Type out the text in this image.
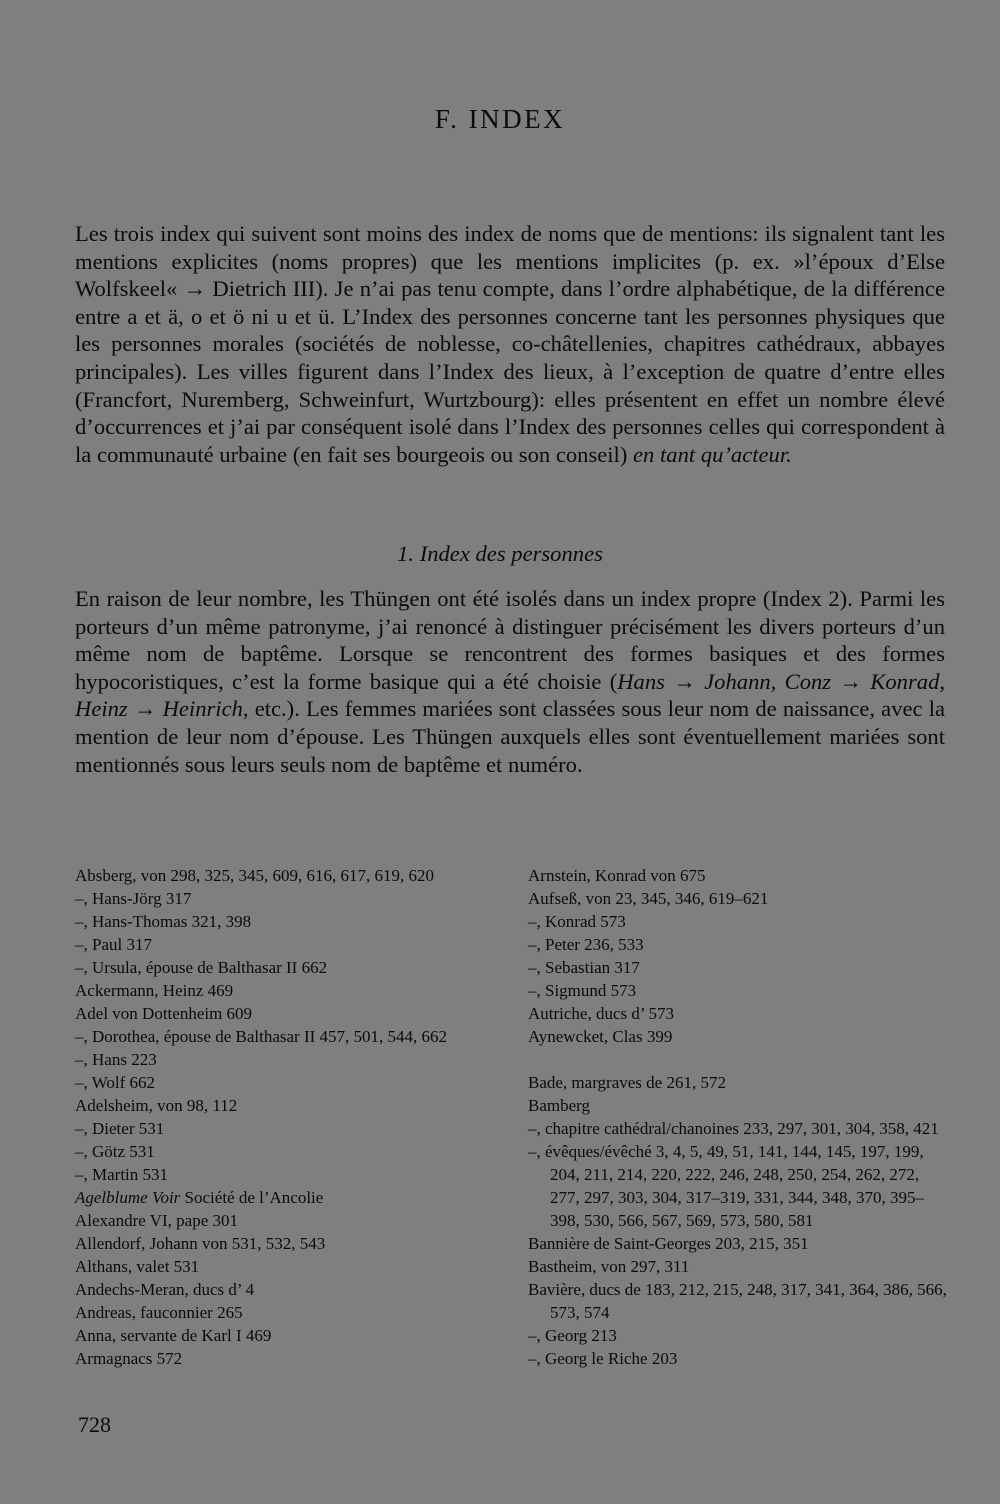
F. INDEX

Les trois index qui suivent sont moins des index de noms que de mentions: ils signalent tant les mentions explicites (noms propres) que les mentions implicites (p. ex. »l’époux d’Else Wolfskeel« → Dietrich III). Je n’ai pas tenu compte, dans l’ordre alphabétique, de la différence entre a et ä, o et ö ni u et ü. L’Index des personnes concerne tant les personnes physiques que les personnes morales (sociétés de noblesse, co-châtellenies, chapitres cathédraux, abbayes principales). Les villes figurent dans l’Index des lieux, à l’exception de quatre d’entre elles (Francfort, Nuremberg, Schweinfurt, Wurtzbourg): elles présentent en effet un nombre élevé d’occurrences et j’ai par conséquent isolé dans l’Index des personnes celles qui correspondent à la communauté urbaine (en fait ses bourgeois ou son conseil) en tant qu’acteur.

1. Index des personnes

En raison de leur nombre, les Thüngen ont été isolés dans un index propre (Index 2). Parmi les porteurs d’un même patronyme, j’ai renoncé à distinguer précisément les divers porteurs d’un même nom de baptême. Lorsque se rencontrent des formes basiques et des formes hypocoristiques, c’est la forme basique qui a été choisie (Hans → Johann, Conz → Konrad, Heinz → Heinrich, etc.). Les femmes mariées sont classées sous leur nom de naissance, avec la mention de leur nom d’épouse. Les Thüngen auxquels elles sont éventuellement mariées sont mentionnés sous leurs seuls nom de baptême et numéro.

Absberg, von 298, 325, 345, 609, 616, 617, 619, 620
–, Hans-Jörg 317
–, Hans-Thomas 321, 398
–, Paul 317
–, Ursula, épouse de Balthasar II 662
Ackermann, Heinz 469
Adel von Dottenheim 609
–, Dorothea, épouse de Balthasar II 457, 501, 544, 662
–, Hans 223
–, Wolf 662
Adelsheim, von 98, 112
–, Dieter 531
–, Götz 531
–, Martin 531
Agelblume Voir Société de l’Ancolie
Alexandre VI, pape 301
Allendorf, Johann von 531, 532, 543
Althans, valet 531
Andechs-Meran, ducs d’ 4
Andreas, fauconnier 265
Anna, servante de Karl I 469
Armagnacs 572
Arnstein, Konrad von 675
Aufseß, von 23, 345, 346, 619–621
–, Konrad 573
–, Peter 236, 533
–, Sebastian 317
–, Sigmund 573
Autriche, ducs d’ 573
Aynewcket, Clas 399
Bade, margraves de 261, 572
Bamberg
–, chapitre cathédral/chanoines 233, 297, 301, 304, 358, 421
–, évêques/évêché 3, 4, 5, 49, 51, 141, 144, 145, 197, 199, 204, 211, 214, 220, 222, 246, 248, 250, 254, 262, 272, 277, 297, 303, 304, 317–319, 331, 344, 348, 370, 395–398, 530, 566, 567, 569, 573, 580, 581
Bannière de Saint-Georges 203, 215, 351
Bastheim, von 297, 311
Bavière, ducs de 183, 212, 215, 248, 317, 341, 364, 386, 566, 573, 574
–, Georg 213
–, Georg le Riche 203
728
